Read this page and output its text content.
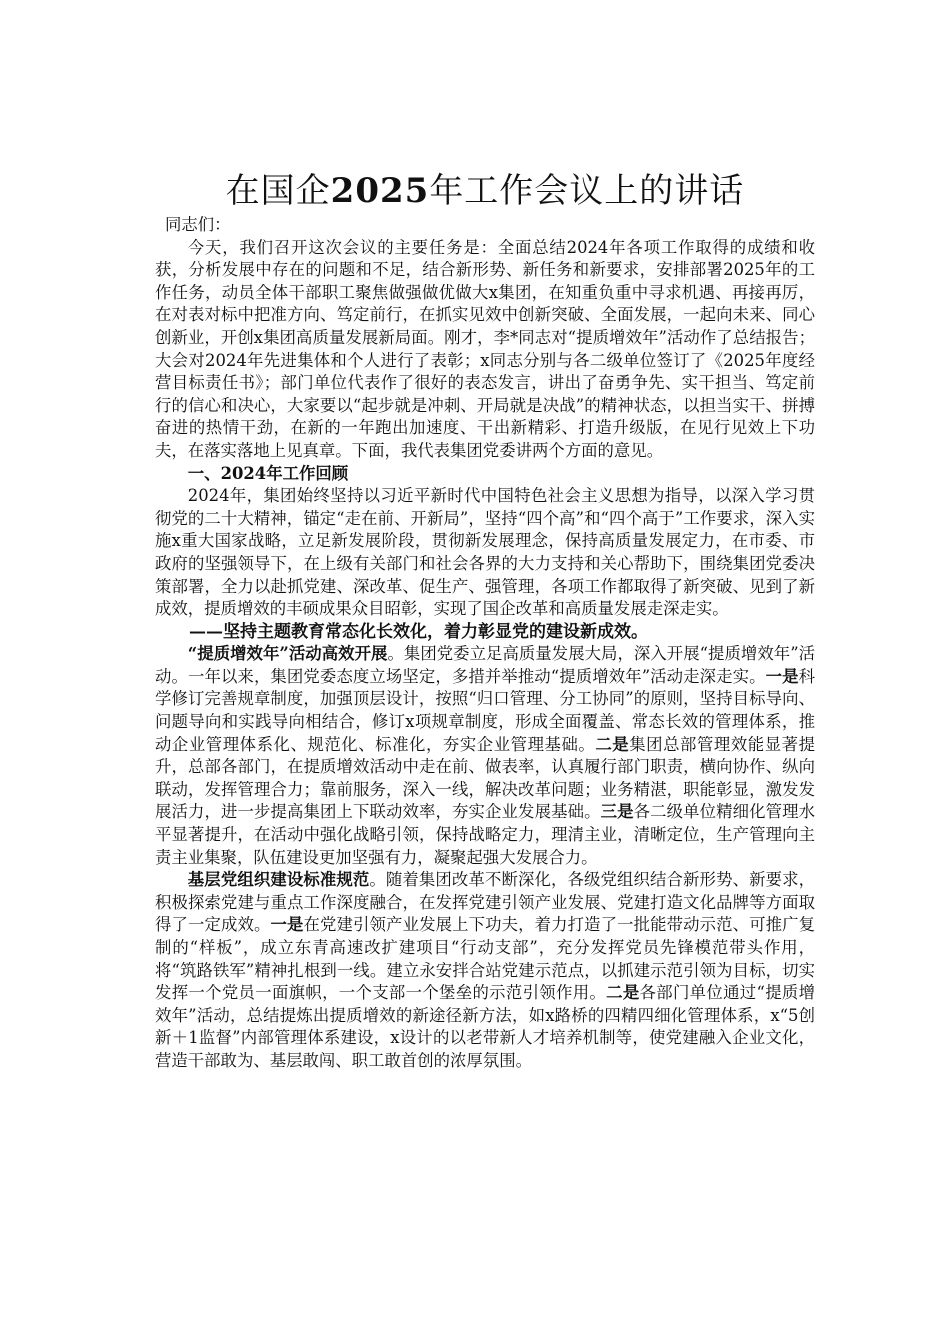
在国企2025年工作会议上的讲话

同志们：

今天，我们召开这次会议的主要任务是：全面总结2024年各项工作取得的成绩和收获，分析发展中存在的问题和不足，结合新形势、新任务和新要求，安排部署2025年的工作任务，动员全体干部职工聚焦做强做优做大x集团，在知重负重中寻求机遇、再接再厉，在对表对标中把准方向、笃定前行，在抓实见效中创新突破、全面发展，一起向未来、同心创新业，开创x集团高质量发展新局面。刚才，李*同志对“提质增效年”活动作了总结报告；大会对2024年先进集体和个人进行了表彰；x同志分别与各二级单位签订了《2025年度经营目标责任书》；部门单位代表作了很好的表态发言，讲出了奋勇争先、实干担当、笃定前行的信心和决心，大家要以“起步就是冲刺、开局就是决战”的精神状态，以担当实干、拼搏奋进的热情干劲，在新的一年跑出加速度、干出新精彩、打造升级版，在见行见效上下功夫，在落实落地上见真章。下面，我代表集团党委讲两个方面的意见。

一、2024年工作回顾

2024年，集团始终坚持以习近平新时代中国特色社会主义思想为指导，以深入学习贯彻党的二十大精神，锚定“走在前、开新局”，坚持“四个高”和“四个高于”工作要求，深入实施x重大国家战略，立足新发展阶段，贯彻新发展理念，保持高质量发展定力，在市委、市政府的坚强领导下，在上级有关部门和社会各界的大力支持和关心帮助下，围绕集团党委决策部署，全力以赴抓党建、深改革、促生产、强管理，各项工作都取得了新突破、见到了新成效，提质增效的丰硕成果众目昭彰，实现了国企改革和高质量发展走深走实。

——坚持主题教育常态化长效化，着力彰显党的建设新成效。

“提质增效年”活动高效开展。集团党委立足高质量发展大局，深入开展“提质增效年”活动。一年以来，集团党委态度立场坚定，多措并举推动“提质增效年”活动走深走实。一是科学修订完善规章制度，加强顶层设计，按照“归口管理、分工协同”的原则，坚持目标导向、问题导向和实践导向相结合，修订x项规章制度，形成全面覆盖、常态长效的管理体系，推动企业管理体系化、规范化、标准化，夯实企业管理基础。二是集团总部管理效能显著提升，总部各部门，在提质增效活动中走在前、做表率，认真履行部门职责，横向协作、纵向联动，发挥管理合力；靠前服务，深入一线，解决改革问题；业务精湛，职能彰显，激发发展活力，进一步提高集团上下联动效率，夯实企业发展基础。三是各二级单位精细化管理水平显著提升，在活动中强化战略引领，保持战略定力，理清主业，清晰定位，生产管理向主责主业集聚，队伍建设更加坚强有力，凝聚起强大发展合力。

基层党组织建设标准规范。随着集团改革不断深化，各级党组织结合新形势、新要求，积极探索党建与重点工作深度融合，在发挥党建引领产业发展、党建打造文化品牌等方面取得了一定成效。一是在党建引领产业发展上下功夫，着力打造了一批能带动示范、可推广复制的“样板”，成立东青高速改扩建项目“行动支部”，充分发挥党员先锋模范带头作用，将“筑路铁军”精神扎根到一线。建立永安拌合站党建示范点，以抓建示范引领为目标，切实发挥一个党员一面旗帜，一个支部一个堡垒的示范引领作用。二是各部门单位通过“提质增效年”活动，总结提炼出提质增效的新途径新方法，如x路桥的四精四细化管理体系，x“5创新＋1监督”内部管理体系建设，x设计的以老带新人才培养机制等，使党建融入企业文化，营造干部敢为、基层敢闯、职工敢首创的浓厚氛围。
